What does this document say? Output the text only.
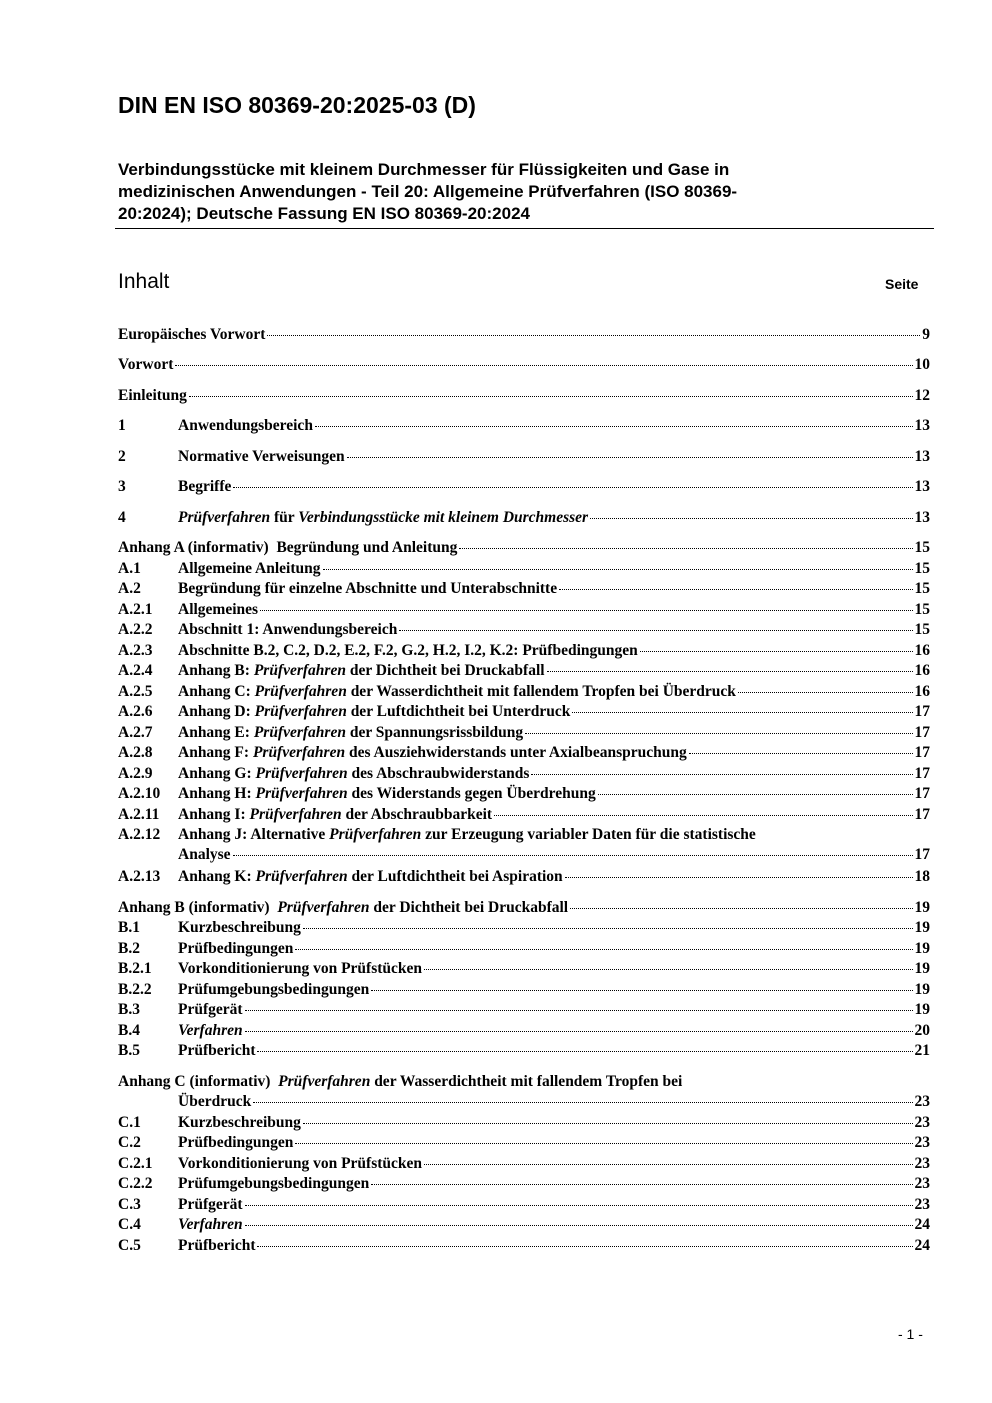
DIN EN ISO 80369-20:2025-03 (D)
Verbindungsstücke mit kleinem Durchmesser für Flüssigkeiten und Gase in
medizinischen Anwendungen - Teil 20: Allgemeine Prüfverfahren (ISO 80369-
20:2024); Deutsche Fassung EN ISO 80369-20:2024
Inhalt	Seite
Europäisches Vorwort	9
Vorwort	10
Einleitung	12
1	Anwendungsbereich	13
2	Normative Verweisungen	13
3	Begriffe	13
4	Prüfverfahren für Verbindungsstücke mit kleinem Durchmesser	13
Anhang A (informativ)  Begründung und Anleitung	15
A.1 Allgemeine Anleitung	15
A.2 Begründung für einzelne Abschnitte und Unterabschnitte	15
A.2.1 Allgemeines	15
A.2.2 Abschnitt 1: Anwendungsbereich	15
A.2.3 Abschnitte B.2, C.2, D.2, E.2, F.2, G.2, H.2, I.2, K.2: Prüfbedingungen	16
A.2.4 Anhang B: Prüfverfahren der Dichtheit bei Druckabfall	16
A.2.5 Anhang C: Prüfverfahren der Wasserdichtheit mit fallendem Tropfen bei Überdruck	16
A.2.6 Anhang D: Prüfverfahren der Luftdichtheit bei Unterdruck	17
A.2.7 Anhang E: Prüfverfahren der Spannungsrissbildung	17
A.2.8 Anhang F: Prüfverfahren des Ausziehwiderstands unter Axialbeanspruchung	17
A.2.9 Anhang G: Prüfverfahren des Abschraubwiderstands	17
A.2.10 Anhang H: Prüfverfahren des Widerstands gegen Überdrehung	17
A.2.11 Anhang I: Prüfverfahren der Abschraubbarkeit	17
A.2.12	Anhang J: Alternative Prüfverfahren zur Erzeugung variabler Daten für die statistische
Analyse	17
A.2.13 Anhang K: Prüfverfahren der Luftdichtheit bei Aspiration	18
Anhang B (informativ)  Prüfverfahren der Dichtheit bei Druckabfall	19
B.1 Kurzbeschreibung	19
B.2 Prüfbedingungen	19
B.2.1 Vorkonditionierung von Prüfstücken	19
B.2.2 Prüfumgebungsbedingungen	19
B.3 Prüfgerät	19
B.4 Verfahren	20
B.5 Prüfbericht	21
Anhang C (informativ)  Prüfverfahren der Wasserdichtheit mit fallendem Tropfen bei
Überdruck	23
C.1 Kurzbeschreibung	23
C.2 Prüfbedingungen	23
C.2.1 Vorkonditionierung von Prüfstücken	23
C.2.2 Prüfumgebungsbedingungen	23
C.3 Prüfgerät	23
C.4 Verfahren	24
C.5 Prüfbericht	24
- 1 -
